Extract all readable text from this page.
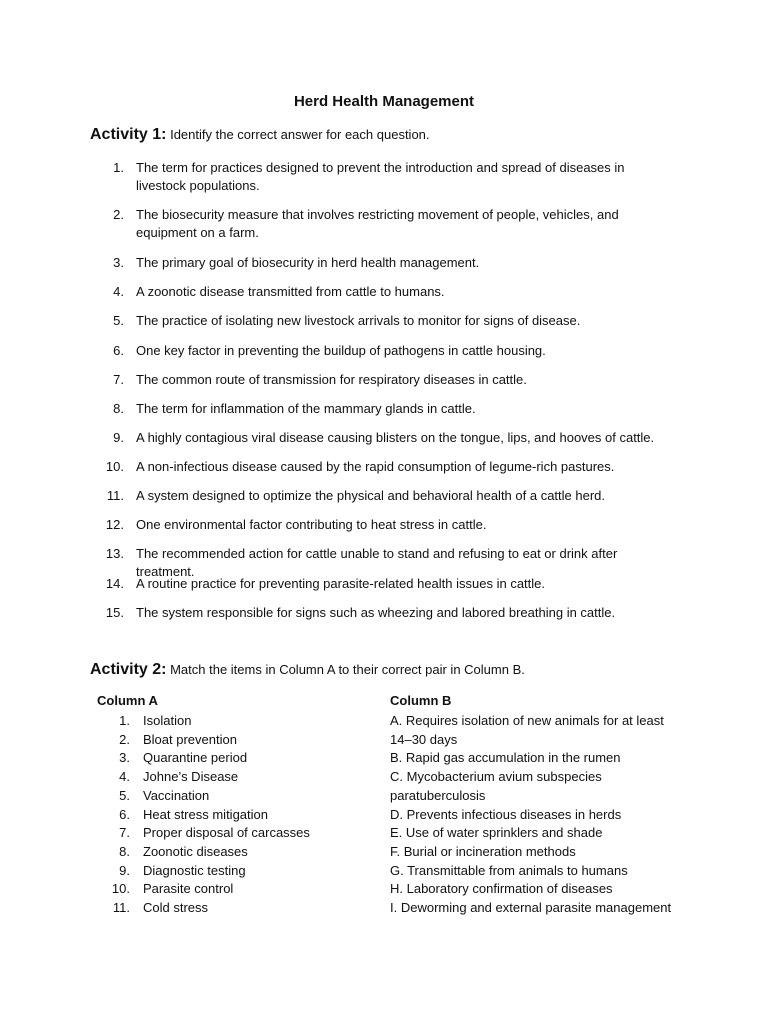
Herd Health Management
Activity 1: Identify the correct answer for each question.
1. The term for practices designed to prevent the introduction and spread of diseases in livestock populations.
2. The biosecurity measure that involves restricting movement of people, vehicles, and equipment on a farm.
3. The primary goal of biosecurity in herd health management.
4. A zoonotic disease transmitted from cattle to humans.
5. The practice of isolating new livestock arrivals to monitor for signs of disease.
6. One key factor in preventing the buildup of pathogens in cattle housing.
7. The common route of transmission for respiratory diseases in cattle.
8. The term for inflammation of the mammary glands in cattle.
9. A highly contagious viral disease causing blisters on the tongue, lips, and hooves of cattle.
10. A non-infectious disease caused by the rapid consumption of legume-rich pastures.
11. A system designed to optimize the physical and behavioral health of a cattle herd.
12. One environmental factor contributing to heat stress in cattle.
13. The recommended action for cattle unable to stand and refusing to eat or drink after treatment.
14. A routine practice for preventing parasite-related health issues in cattle.
15. The system responsible for signs such as wheezing and labored breathing in cattle.
Activity 2: Match the items in Column A to their correct pair in Column B.
Column A	Column B
1. Isolation
2. Bloat prevention
3. Quarantine period
4. Johne’s Disease
5. Vaccination
6. Heat stress mitigation
7. Proper disposal of carcasses
8. Zoonotic diseases
9. Diagnostic testing
10. Parasite control
11. Cold stress
A. Requires isolation of new animals for at least
14–30 days
B. Rapid gas accumulation in the rumen
C. Mycobacterium avium subspecies
paratuberculosis
D. Prevents infectious diseases in herds
E. Use of water sprinklers and shade
F. Burial or incineration methods
G. Transmittable from animals to humans
H. Laboratory confirmation of diseases
I. Deworming and external parasite management
